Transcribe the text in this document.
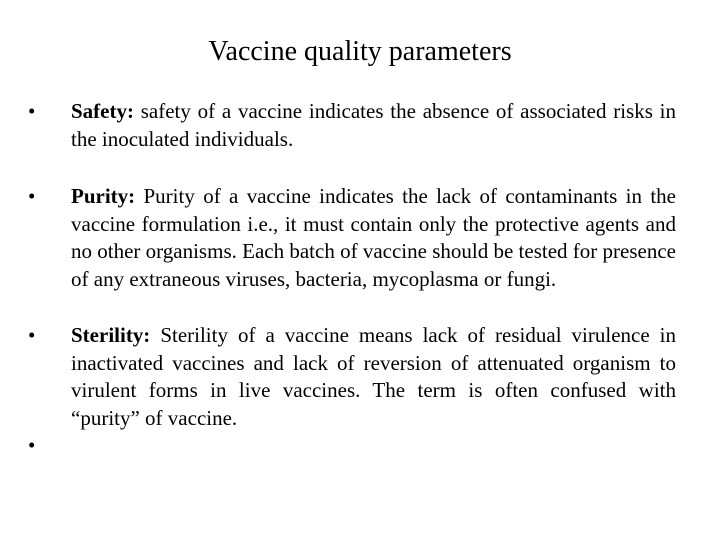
Vaccine quality parameters
•	Safety: safety of a vaccine indicates the absence of associated risks in the inoculated individuals.
•	Purity: Purity of a vaccine indicates the lack of contaminants in the vaccine formulation i.e., it must contain only the protective agents and no other organisms. Each batch of vaccine should be tested for presence of any extraneous viruses, bacteria, mycoplasma or fungi.
•	Sterility: Sterility of a vaccine means lack of residual virulence in inactivated vaccines and lack of reversion of attenuated organism to virulent forms in live vaccines. The term is often confused with “purity” of vaccine.
•
